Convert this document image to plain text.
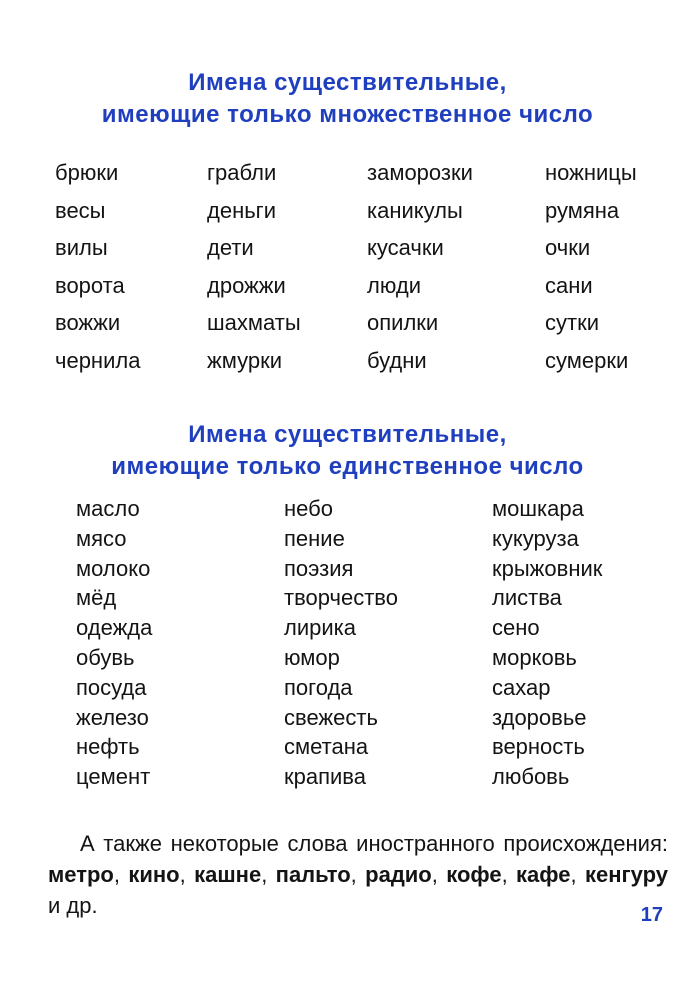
Имена существительные,
имеющие только множественное число
брюки	грабли	заморозки	ножницы
весы	деньги	каникулы	румяна
вилы	дети	кусачки	очки
ворота	дрожжи	люди	сани
вожжи	шахматы	опилки	сутки
чернила	жмурки	будни	сумерки
Имена существительные,
имеющие только единственное число
масло	небо	мошкара
мясо	пение	кукуруза
молоко	поэзия	крыжовник
мёд	творчество	листва
одежда	лирика	сено
обувь	юмор	морковь
посуда	погода	сахар
железо	свежесть	здоровье
нефть	сметана	верность
цемент	крапива	любовь

А также некоторые слова иностранного происхождения: метро, кино, кашне, пальто, радио, кофе, кафе, кенгуру и др.	17
